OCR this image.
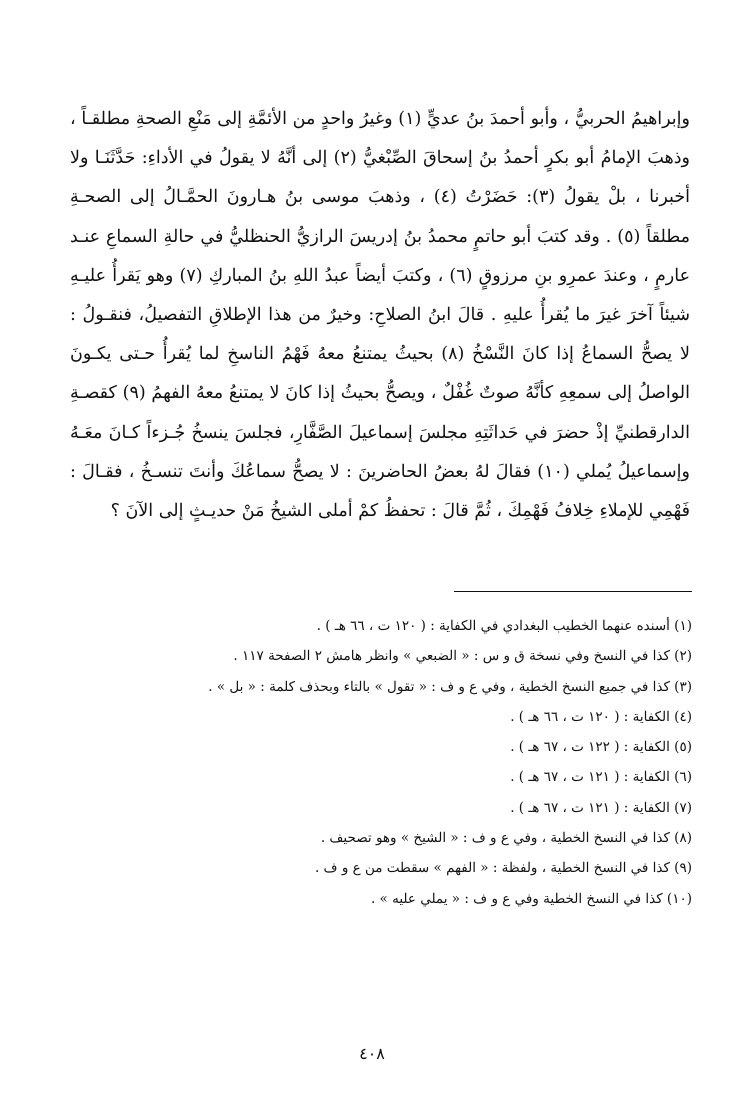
وإبراهيمُ الحربيُّ ، وأبو أحمدَ بنُ عديٍّ (١) وغيرُ واحدٍ من الأئمَّةِ إلى مَنْعِ الصحةِ مطلقـاً ،
وذهبَ الإمامُ أبو بكرٍ أحمدُ بنُ إسحاقَ الصِّبْغيُّ (٢) إلى أنَّهُ لا يقولُ في الأداءِ: حَدَّثَنَـا ولا
أخبرنا ، بلْ يقولُ (٣): حَضَرْتُ (٤) ، وذهبَ موسى بنُ هـارونَ الحمَّـالُ إلى الصحـةِ
مطلقاً (٥) . وقد كتبَ أبو حاتمٍ محمدُ بنُ إدريسَ الرازيُّ الحنظليُّ في حالةِ السماعِ عنـد
عارمٍ ، وعندَ عمرِو بنِ مرزوقٍ (٦) ، وكتبَ أيضاً عبدُ اللهِ بنُ المباركِ (٧) وهو يَقرأُ عليـهِ
شيئاً آخرَ غيرَ ما يُقرأُ عليهِ . قالَ ابنُ الصلاحِ: وخيرٌ من هذا الإطلاقِ التفصيلُ، فنقـولُ :
لا يصحُّ السماعُ إذا كانَ النَّسْخُ (٨) بحيثُ يمتنعُ معهُ فَهْمُ الناسخِ لما يُقرأُ حـتى يكـونَ
الواصلُ إلى سمعِهِ كأنَّهُ صوتٌ غُفْلٌ ، ويصحُّ بحيثُ إذا كانَ لا يمتنعُ معهُ الفهمُ (٩) كقصـةِ
الدارقطنيِّ إذْ حضرَ في حَداثَتِهِ مجلسَ إسماعيلَ الصَّفَّارِ، فجلسَ ينسخُ جُـزءاً كـانَ معَـهُ
وإسماعيلُ يُملي (١٠) فقالَ لهُ بعضُ الحاضرينَ : لا يصحُّ سماعُكَ وأنتَ تنسـخُ ، فقـالَ :
فَهْمِي للإملاءِ خِلافُ فَهْمِكَ ، ثُمَّ قالَ : تحفظُ كمْ أملى الشيخُ مَنْ حديـثٍ إلى الآنَ ؟
(١) أسنده عنهما الخطيب البغدادي في الكفاية : ( ١٢٠ ت ، ٦٦ هـ ) .
(٢) كذا في النسخ وفي نسخة ق و س : « الضبعي » وانظر هامش ٢ الصفحة ١١٧ .
(٣) كذا في جميع النسخ الخطية ، وفي ع و ف : « تقول » بالتاء وبحذف كلمة : « بل » .
(٤) الكفاية : ( ١٢٠ ت ، ٦٦ هـ ) .
(٥) الكفاية : ( ١٢٢ ت ، ٦٧ هـ ) .
(٦) الكفاية : ( ١٢١ ت ، ٦٧ هـ ) .
(٧) الكفاية : ( ١٢١ ت ، ٦٧ هـ ) .
(٨) كذا في النسخ الخطية ، وفي ع و ف : « الشيخ » وهو تصحيف .
(٩) كذا في النسخ الخطية ، ولفظة : « الفهم » سقطت من ع و ف .
(١٠) كذا في النسخ الخطية وفي ع و ف : « يملي عليه » .
٤٠٨
